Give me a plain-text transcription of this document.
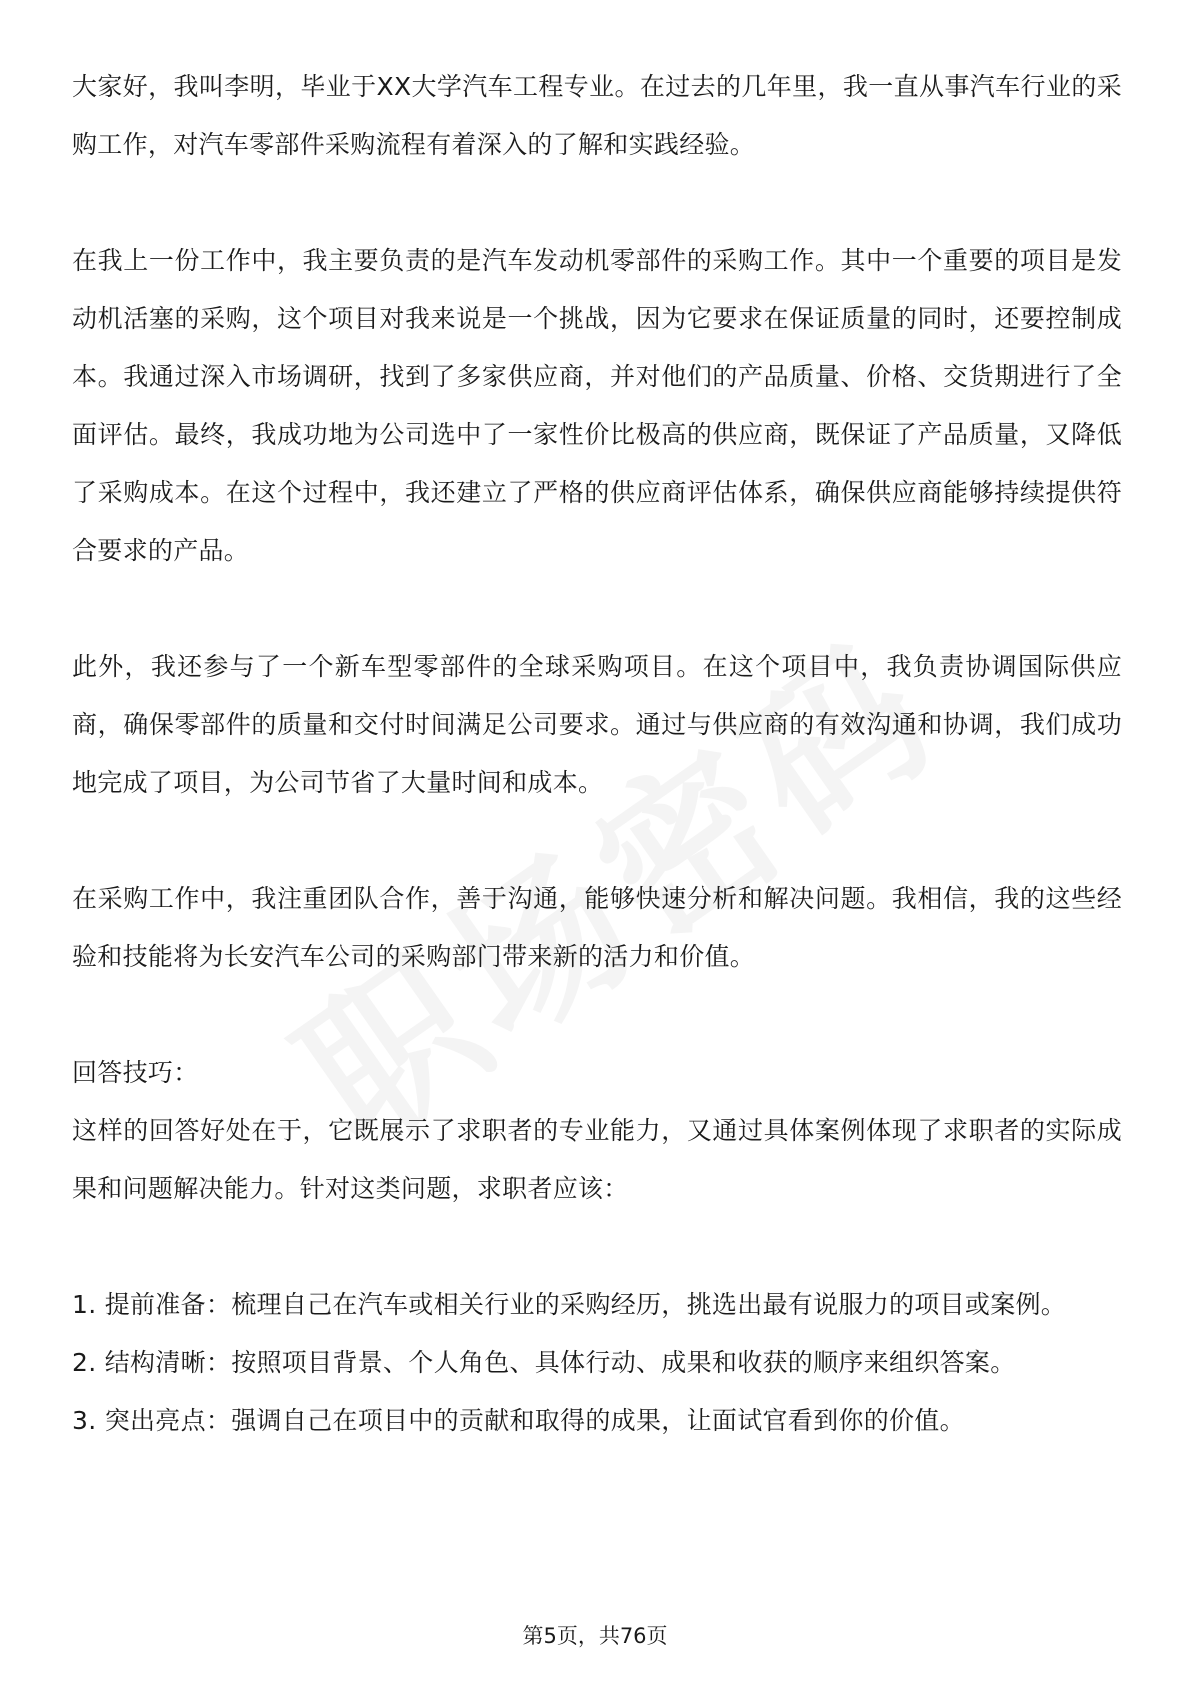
大家好，我叫李明，毕业于XX大学汽车工程专业。在过去的几年里，我一直从事汽车行业的采购工作，对汽车零部件采购流程有着深入的了解和实践经验。

在我上一份工作中，我主要负责的是汽车发动机零部件的采购工作。其中一个重要的项目是发动机活塞的采购，这个项目对我来说是一个挑战，因为它要求在保证质量的同时，还要控制成本。我通过深入市场调研，找到了多家供应商，并对他们的产品质量、价格、交货期进行了全面评估。最终，我成功地为公司选中了一家性价比极高的供应商，既保证了产品质量，又降低了采购成本。在这个过程中，我还建立了严格的供应商评估体系，确保供应商能够持续提供符合要求的产品。

此外，我还参与了一个新车型零部件的全球采购项目。在这个项目中，我负责协调国际供应商，确保零部件的质量和交付时间满足公司要求。通过与供应商的有效沟通和协调，我们成功地完成了项目，为公司节省了大量时间和成本。

在采购工作中，我注重团队合作，善于沟通，能够快速分析和解决问题。我相信，我的这些经验和技能将为长安汽车公司的采购部门带来新的活力和价值。

回答技巧：

这样的回答好处在于，它既展示了求职者的专业能力，又通过具体案例体现了求职者的实际成果和问题解决能力。针对这类问题，求职者应该：

1. 提前准备：梳理自己在汽车或相关行业的采购经历，挑选出最有说服力的项目或案例。

2. 结构清晰：按照项目背景、个人角色、具体行动、成果和收获的顺序来组织答案。

3. 突出亮点：强调自己在项目中的贡献和取得的成果，让面试官看到你的价值。

第5页，共76页
